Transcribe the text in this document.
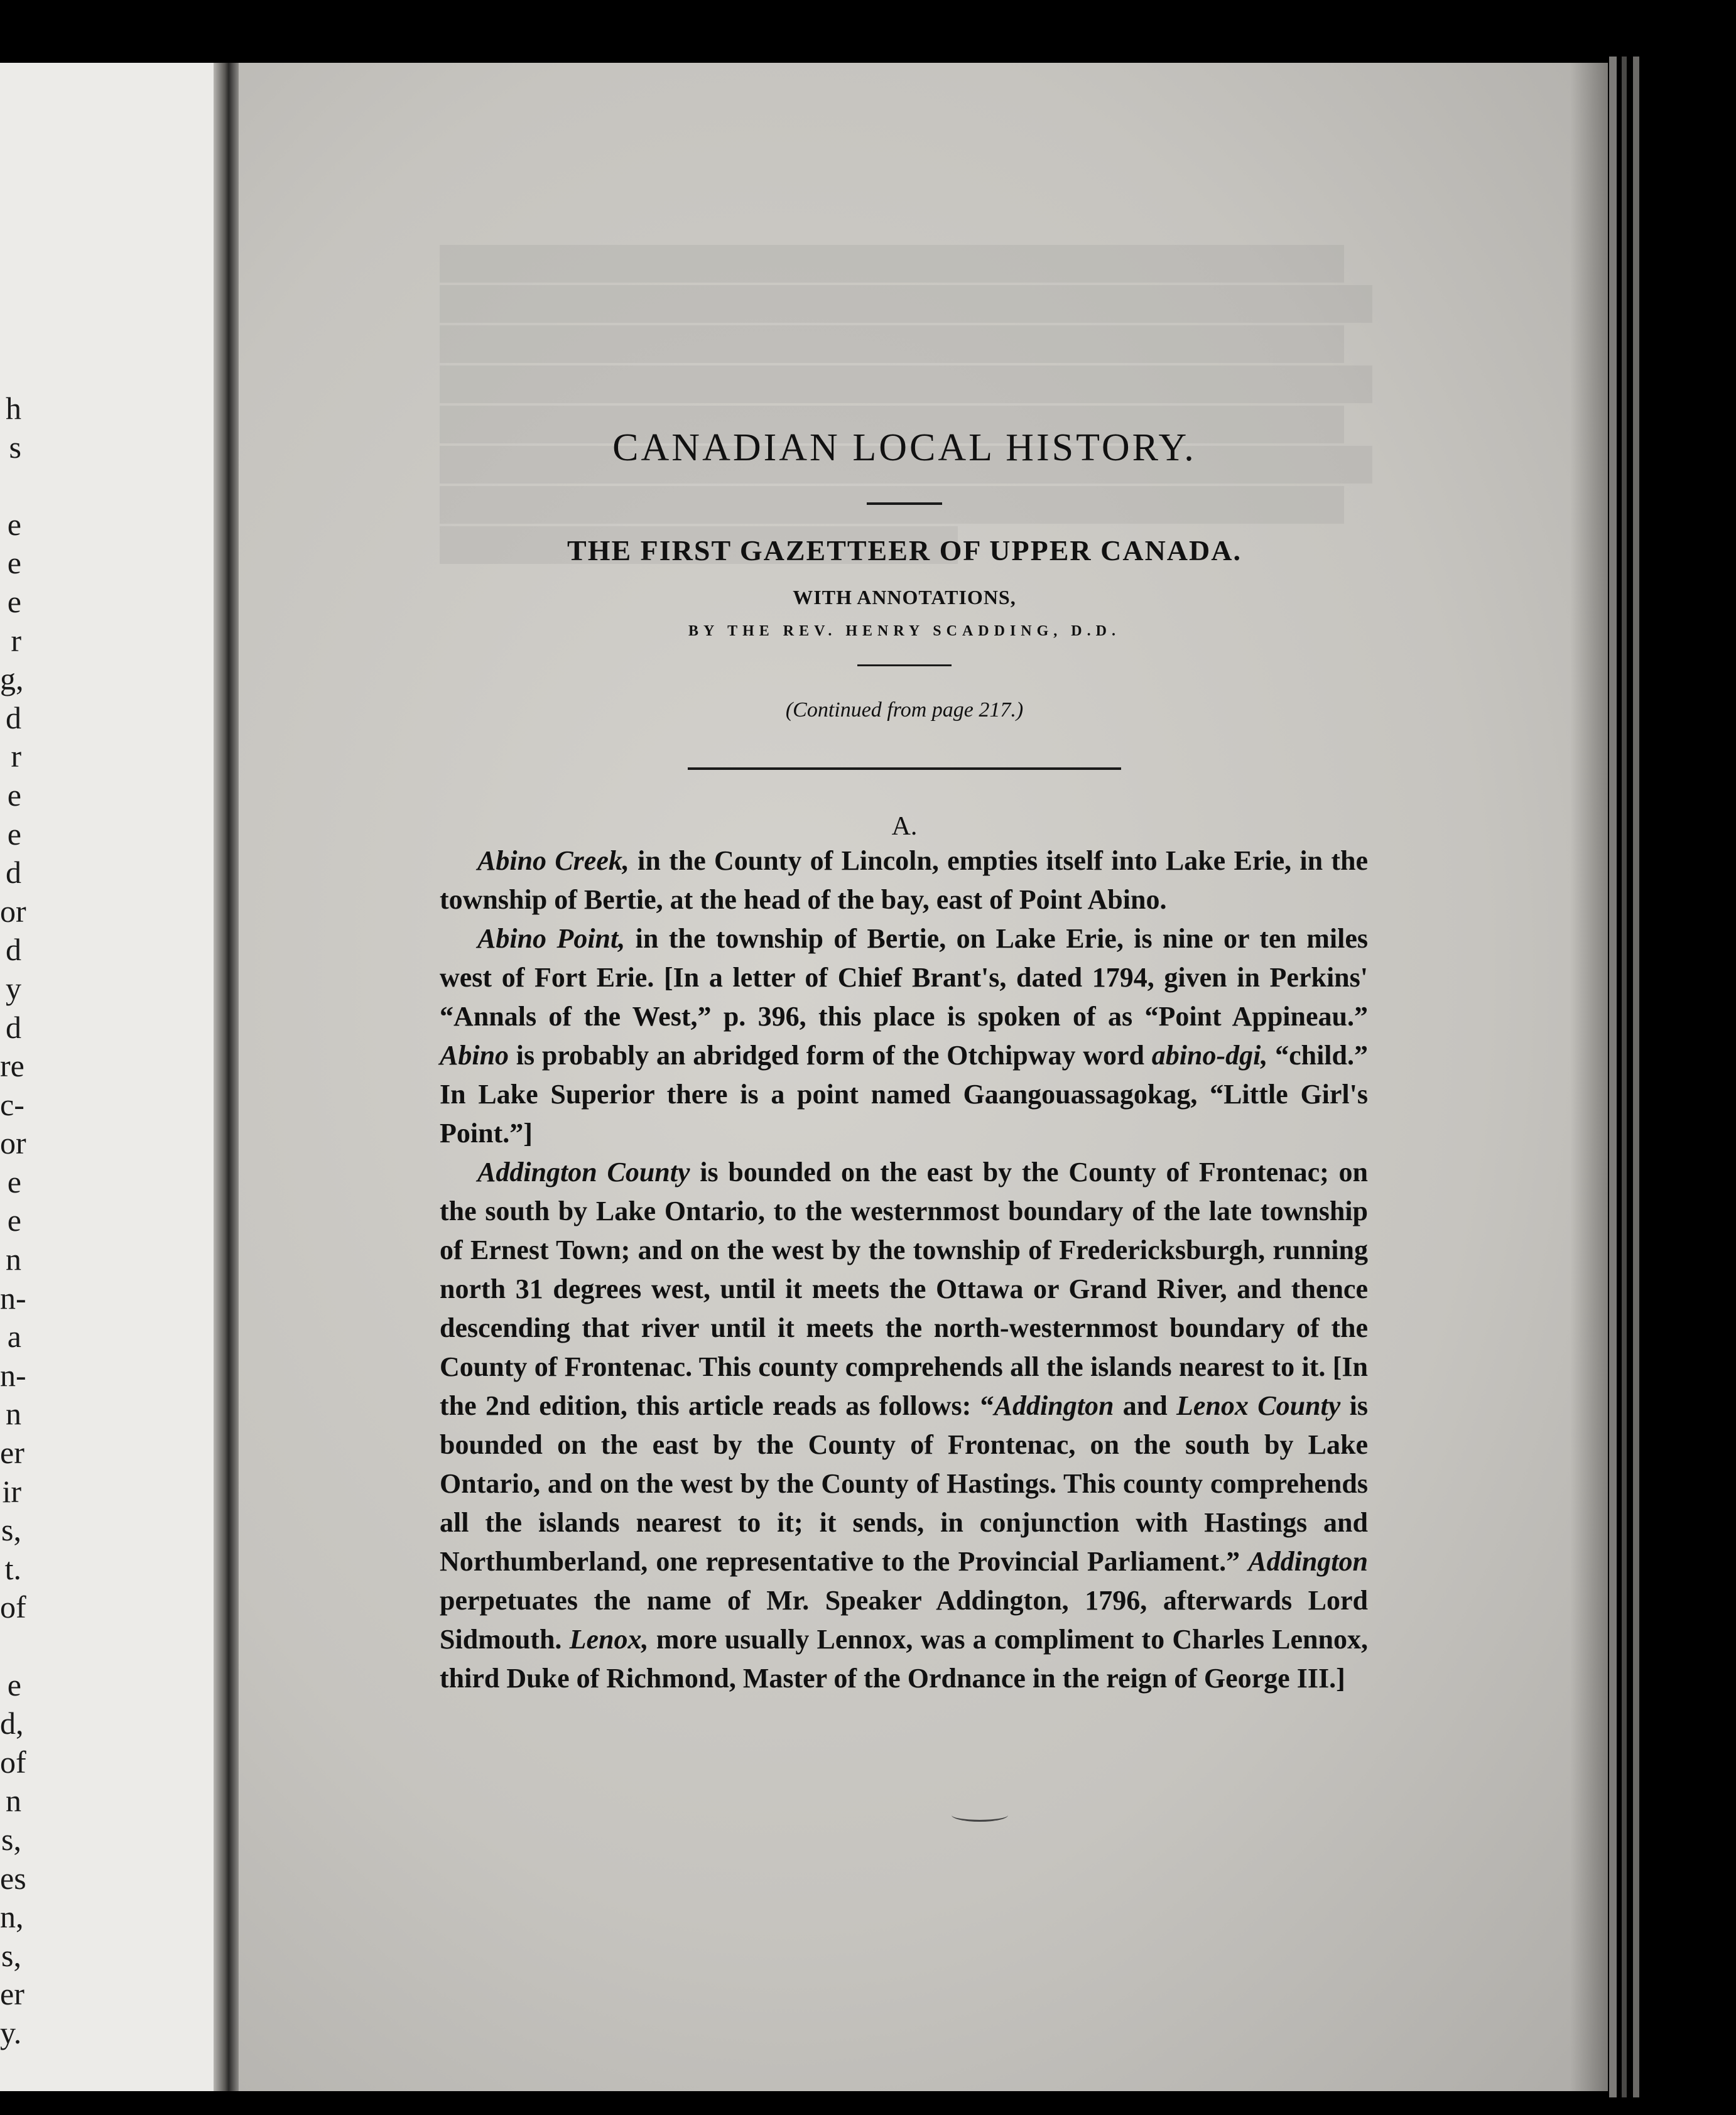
h
s

e
e
e
r
g,
d
r
e
e
d
or
d
y
d
re
c-
or
e
e
n
n-
a
n-
n
er
ir
s,
t.
of

e
d,
of
n
s,
es
n,
s,
er
y.
CANADIAN LOCAL HISTORY.
THE FIRST GAZETTEER OF UPPER CANADA.
WITH ANNOTATIONS,
BY THE REV. HENRY SCADDING, D.D.
(Continued from page 217.)
A.

Abino Creek, in the County of Lincoln, empties itself into Lake Erie, in the township of Bertie, at the head of the bay, east of Point Abino.

Abino Point, in the township of Bertie, on Lake Erie, is nine or ten miles west of Fort Erie. [In a letter of Chief Brant's, dated 1794, given in Perkins' “Annals of the West,” p. 396, this place is spoken of as “Point Appineau.” Abino is probably an abridged form of the Otchipway word abino-dgi, “child.” In Lake Superior there is a point named Gaangouassagokag, “Little Girl's Point.”]

Addington County is bounded on the east by the County of Frontenac; on the south by Lake Ontario, to the westernmost boundary of the late township of Ernest Town; and on the west by the township of Fredericksburgh, running north 31 degrees west, until it meets the Ottawa or Grand River, and thence descending that river until it meets the north-westernmost boundary of the County of Frontenac. This county comprehends all the islands nearest to it. [In the 2nd edition, this article reads as follows: “Addington and Lenox County is bounded on the east by the County of Frontenac, on the south by Lake Ontario, and on the west by the County of Hastings. This county comprehends all the islands nearest to it; it sends, in conjunction with Hastings and Northumberland, one representative to the Provincial Parliament.” Addington perpetuates the name of Mr. Speaker Addington, 1796, afterwards Lord Sidmouth. Lenox, more usually Lennox, was a compliment to Charles Lennox, third Duke of Richmond, Master of the Ordnance in the reign of George III.]
